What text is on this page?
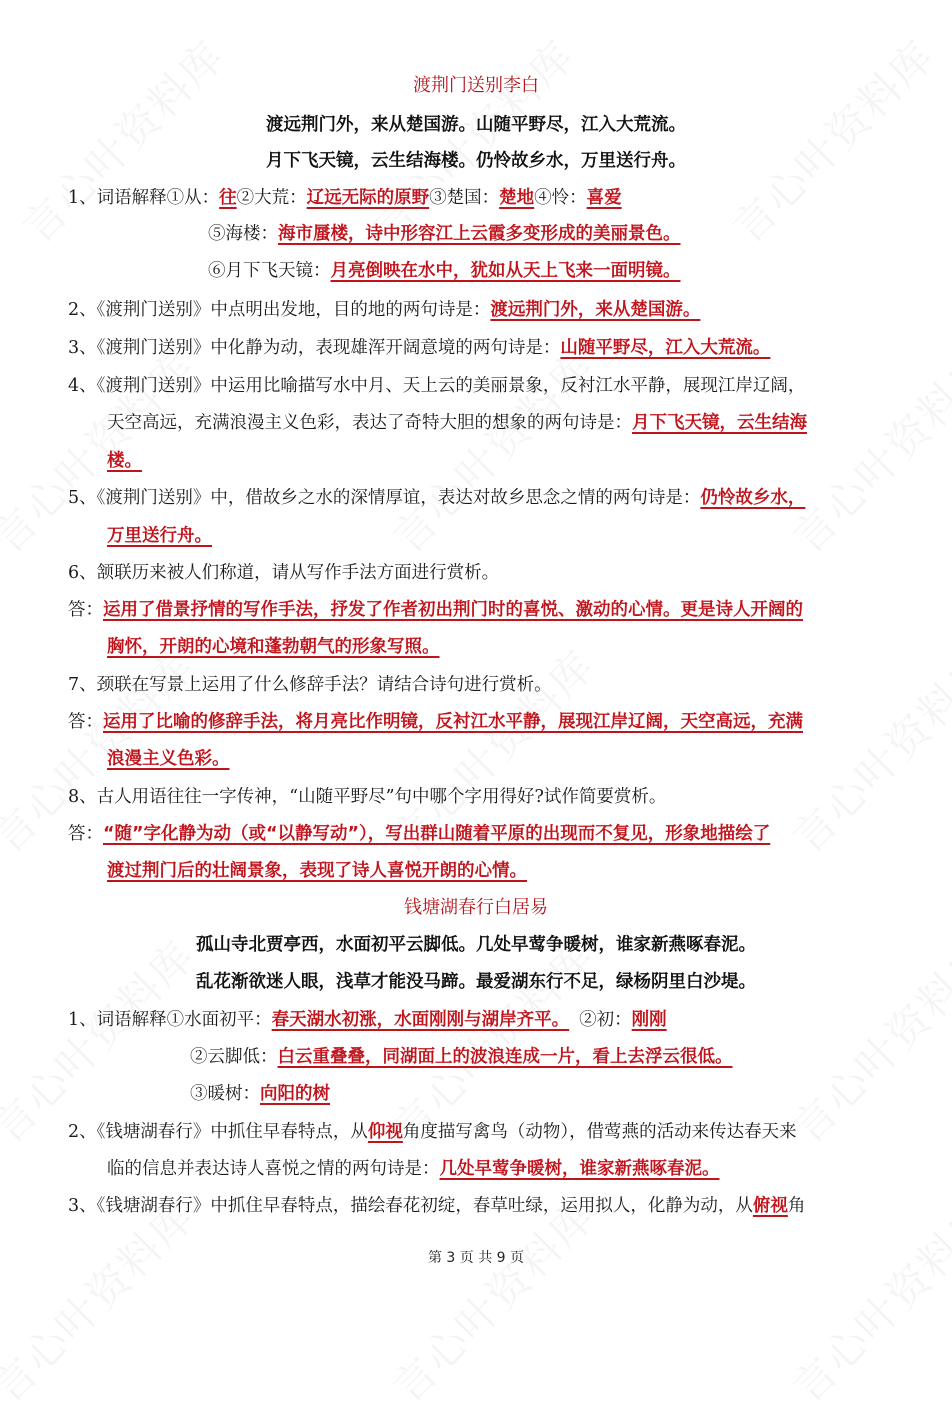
渡荆门送别李白
渡远荆门外，来从楚国游。山随平野尽，江入大荒流。
月下飞天镜，云生结海楼。仍怜故乡水，万里送行舟。
1、词语解释①从：往②大荒：辽远无际的原野③楚国：楚地④怜：喜爱
⑤海楼：海市蜃楼，诗中形容江上云霞多变形成的美丽景色。
⑥月下飞天镜：月亮倒映在水中，犹如从天上飞来一面明镜。
2、《渡荆门送别》中点明出发地，目的地的两句诗是：渡远荆门外，来从楚国游。
3、《渡荆门送别》中化静为动，表现雄浑开阔意境的两句诗是：山随平野尽，江入大荒流。
4、《渡荆门送别》中运用比喻描写水中月、天上云的美丽景象，反衬江水平静，展现江岸辽阔，
天空高远，充满浪漫主义色彩，表达了奇特大胆的想象的两句诗是：月下飞天镜，云生结海
楼。
5、《渡荆门送别》中，借故乡之水的深情厚谊，表达对故乡思念之情的两句诗是：仍怜故乡水，
万里送行舟。
6、颔联历来被人们称道，请从写作手法方面进行赏析。
答：运用了借景抒情的写作手法，抒发了作者初出荆门时的喜悦、激动的心情。更是诗人开阔的
胸怀，开朗的心境和蓬勃朝气的形象写照。
7、颈联在写景上运用了什么修辞手法？请结合诗句进行赏析。
答：运用了比喻的修辞手法，将月亮比作明镜，反衬江水平静，展现江岸辽阔，天空高远，充满
浪漫主义色彩。
8、古人用语往往一字传神，“山随平野尽”句中哪个字用得好?试作简要赏析。
答：“随”字化静为动（或“以静写动”），写出群山随着平原的出现而不复见，形象地描绘了
渡过荆门后的壮阔景象，表现了诗人喜悦开朗的心情。
钱塘湖春行白居易
孤山寺北贾亭西，水面初平云脚低。几处早莺争暖树，谁家新燕啄春泥。
乱花渐欲迷人眼，浅草才能没马蹄。最爱湖东行不足，绿杨阴里白沙堤。
1、词语解释①水面初平：春天湖水初涨，水面刚刚与湖岸齐平。 ②初：刚刚
②云脚低：白云重叠叠，同湖面上的波浪连成一片，看上去浮云很低。
③暖树：向阳的树
2、《钱塘湖春行》中抓住早春特点，从仰视角度描写禽鸟（动物），借莺燕的活动来传达春天来
临的信息并表达诗人喜悦之情的两句诗是：几处早莺争暖树，谁家新燕啄春泥。
3、《钱塘湖春行》中抓住早春特点，描绘春花初绽，春草吐绿，运用拟人，化静为动，从俯视角
第 3 页 共 9 页
